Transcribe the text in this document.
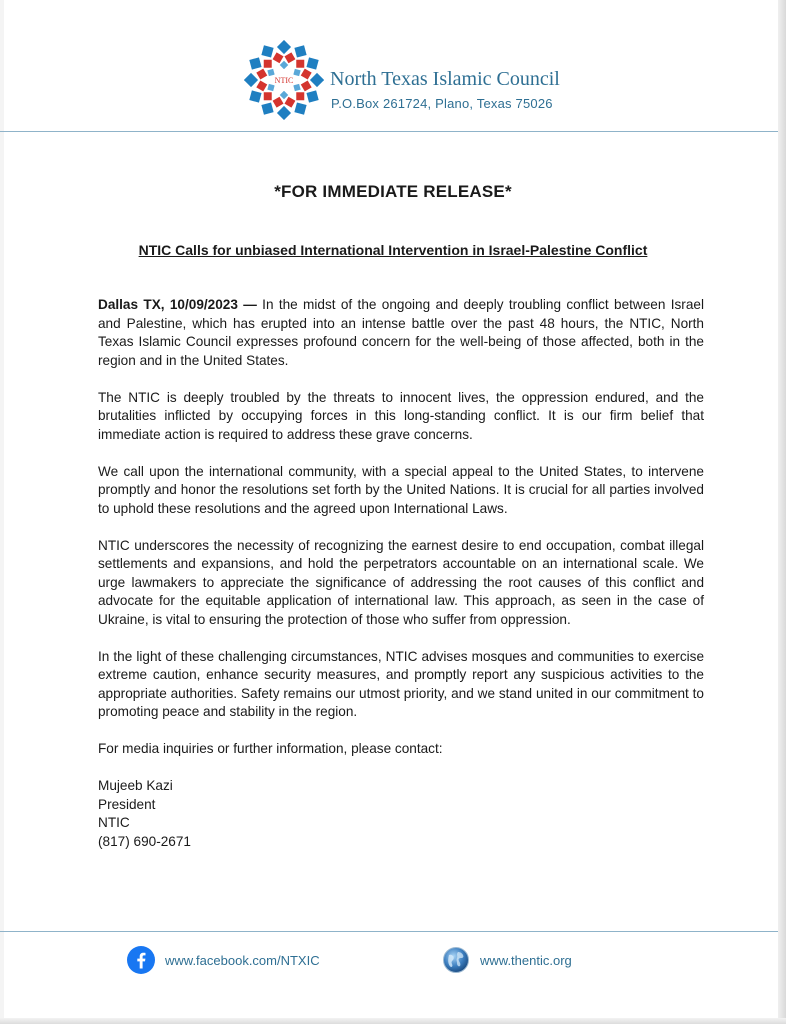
NTIC North Texas Islamic Council
P.O.Box 261724, Plano, Texas 75026
*FOR IMMEDIATE RELEASE*
NTIC Calls for unbiased International Intervention in Israel-Palestine Conflict

Dallas TX, 10/09/2023 — In the midst of the ongoing and deeply troubling conflict between Israel and Palestine, which has erupted into an intense battle over the past 48 hours, the NTIC, North Texas Islamic Council expresses profound concern for the well-being of those affected, both in the region and in the United States.

The NTIC is deeply troubled by the threats to innocent lives, the oppression endured, and the brutalities inflicted by occupying forces in this long-standing conflict. It is our firm belief that immediate action is required to address these grave concerns.

We call upon the international community, with a special appeal to the United States, to intervene promptly and honor the resolutions set forth by the United Nations. It is crucial for all parties involved to uphold these resolutions and the agreed upon International Laws.

NTIC underscores the necessity of recognizing the earnest desire to end occupation, combat illegal settlements and expansions, and hold the perpetrators accountable on an international scale. We urge lawmakers to appreciate the significance of addressing the root causes of this conflict and advocate for the equitable application of international law. This approach, as seen in the case of Ukraine, is vital to ensuring the protection of those who suffer from oppression.

In the light of these challenging circumstances, NTIC advises mosques and communities to exercise extreme caution, enhance security measures, and promptly report any suspicious activities to the appropriate authorities. Safety remains our utmost priority, and we stand united in our commitment to promoting peace and stability in the region.

For media inquiries or further information, please contact:

Mujeeb Kazi
President
NTIC
(817) 690-2671
www.facebook.com/NTXIC	www.thentic.org
